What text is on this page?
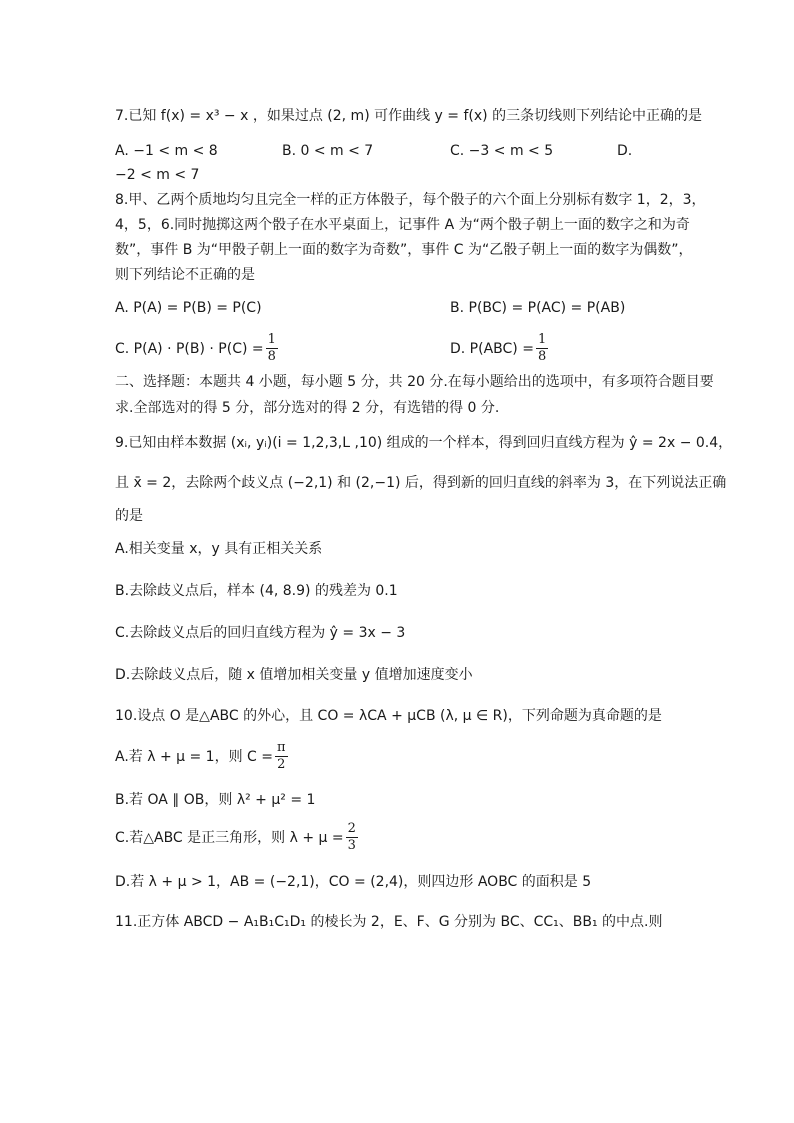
7.已知 f(x) = x³ − x ，如果过点 (2, m) 可作曲线 y = f(x) 的三条切线则下列结论中正确的是
A. −1 < m < 8	B. 0 < m < 7	C. −3 < m < 5	D.
−2 < m < 7
8.甲、乙两个质地均匀且完全一样的正方体骰子，每个骰子的六个面上分别标有数字 1，2，3，
4，5，6.同时抛掷这两个骰子在水平桌面上，记事件 A 为“两个骰子朝上一面的数字之和为奇
数”，事件 B 为“甲骰子朝上一面的数字为奇数”，事件 C 为“乙骰子朝上一面的数字为偶数”，
则下列结论不正确的是
A. P(A) = P(B) = P(C)	B. P(BC) = P(AC) = P(AB)
C. $P(A) \cdot P(B) \cdot P(C) = \frac{1}{8}$	D. $P(ABC) = \frac{1}{8}$
二、选择题：本题共 4 小题，每小题 5 分，共 20 分.在每小题给出的选项中，有多项符合题目要
求.全部选对的得 5 分，部分选对的得 2 分，有选错的得 0 分.
9.已知由样本数据 (xᵢ, yᵢ)(i = 1,2,3,L ,10) 组成的一个样本，得到回归直线方程为 ŷ = 2x − 0.4，
且 x̄ = 2，去除两个歧义点 (−2,1) 和 (2,−1) 后，得到新的回归直线的斜率为 3，在下列说法正确
的是
A.相关变量 x，y 具有正相关关系
B.去除歧义点后，样本 (4, 8.9) 的残差为 0.1
C.去除歧义点后的回归直线方程为 ŷ = 3x − 3
D.去除歧义点后，随 x 值增加相关变量 y 值增加速度变小
10.设点 O 是△ABC 的外心，且 CO = λCA + μCB (λ, μ ∈ R)，下列命题为真命题的是
A.若 λ + μ = 1，则 $C = \frac{\pi}{2}$
B.若 OA ∥ OB，则 λ² + μ² = 1
C.若△ABC 是正三角形，则 $\lambda + \mu = \frac{2}{3}$
D.若 λ + μ > 1，AB = (−2,1)，CO = (2,4)，则四边形 AOBC 的面积是 5
11.正方体 ABCD − A₁B₁C₁D₁ 的棱长为 2，E、F、G 分别为 BC、CC₁、BB₁ 的中点.则
